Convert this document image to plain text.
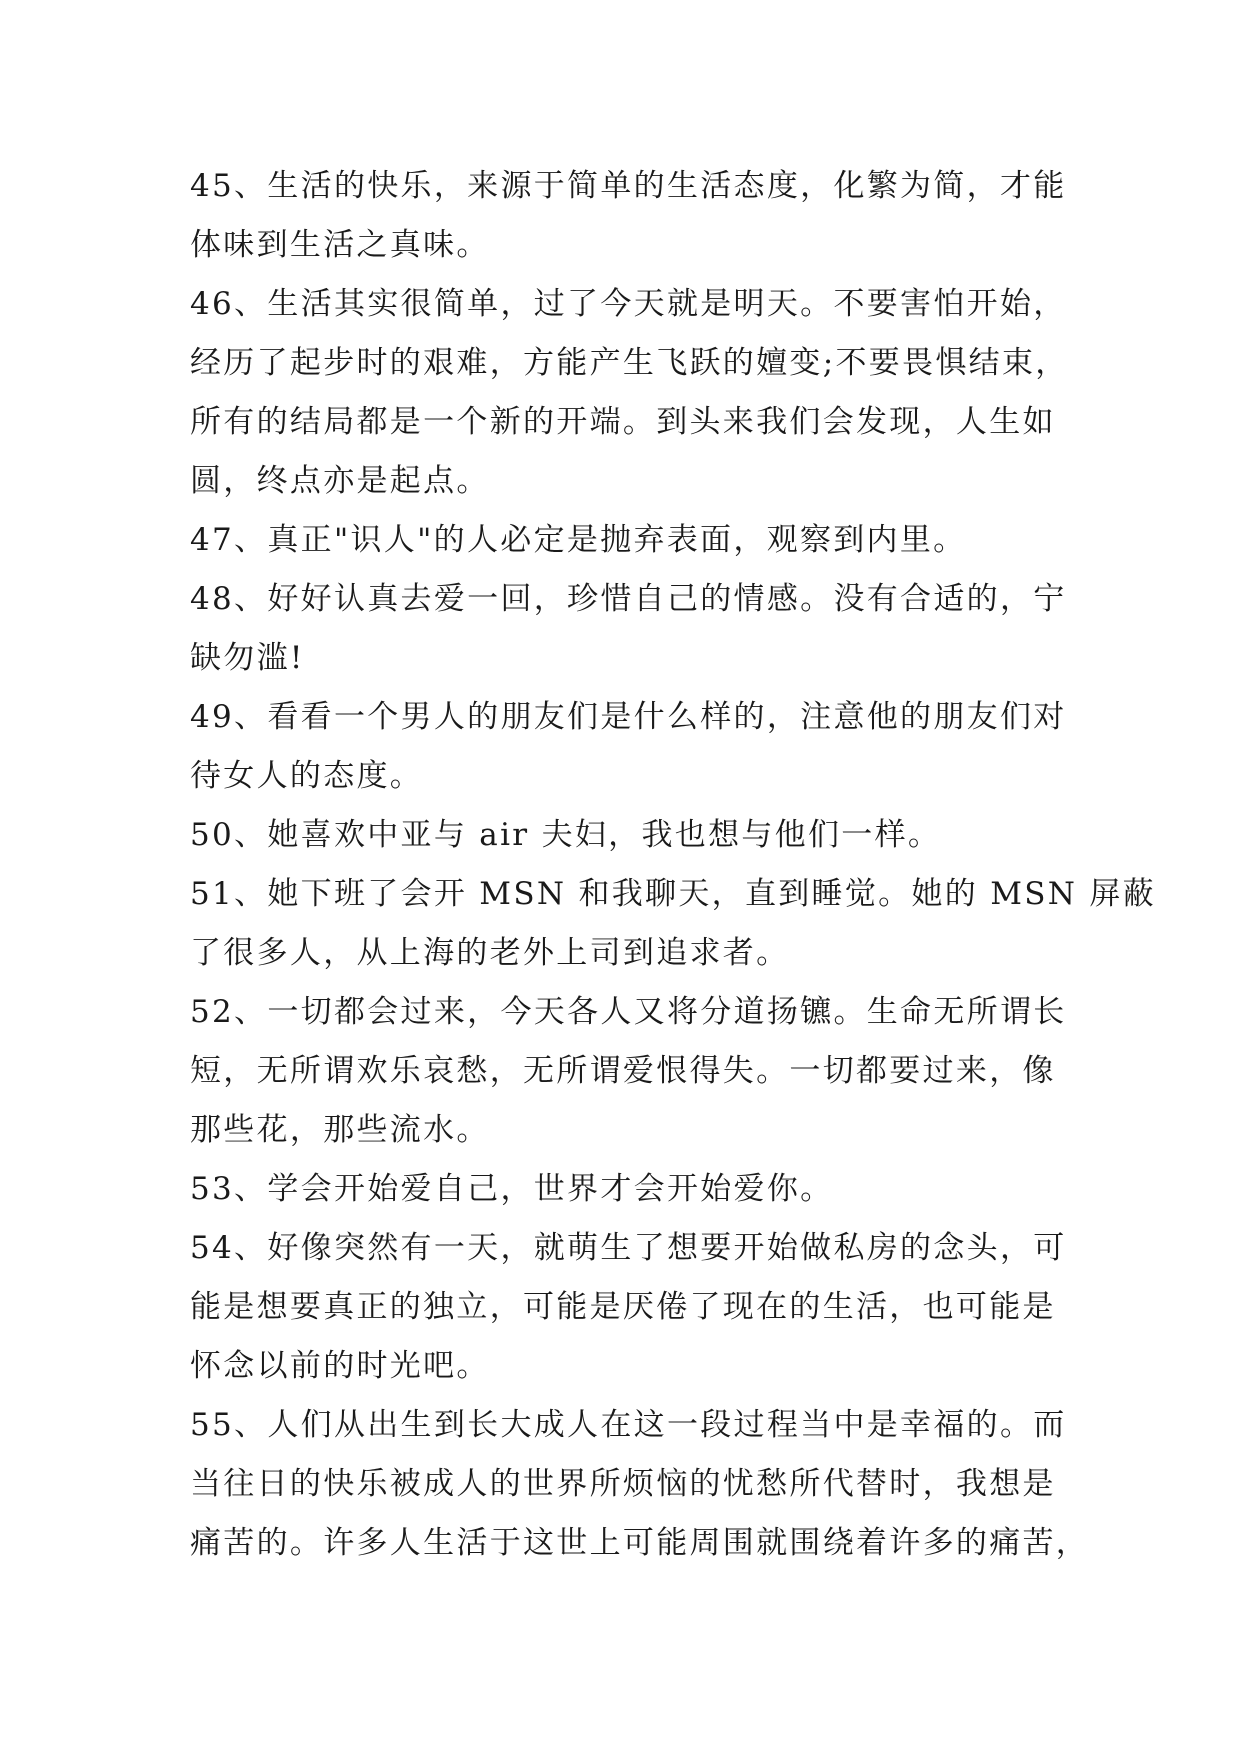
45、生活的快乐，来源于简单的生活态度，化繁为简，才能
体味到生活之真味。
46、生活其实很简单，过了今天就是明天。不要害怕开始，
经历了起步时的艰难，方能产生飞跃的嬗变;不要畏惧结束，
所有的结局都是一个新的开端。到头来我们会发现，人生如
圆，终点亦是起点。
47、真正"识人"的人必定是抛弃表面，观察到内里。
48、好好认真去爱一回，珍惜自己的情感。没有合适的，宁
缺勿滥!
49、看看一个男人的朋友们是什么样的，注意他的朋友们对
待女人的态度。
50、她喜欢中亚与 air 夫妇，我也想与他们一样。
51、她下班了会开 MSN 和我聊天，直到睡觉。她的 MSN 屏蔽
了很多人，从上海的老外上司到追求者。
52、一切都会过来，今天各人又将分道扬镳。生命无所谓长
短，无所谓欢乐哀愁，无所谓爱恨得失。一切都要过来，像
那些花，那些流水。
53、学会开始爱自己，世界才会开始爱你。
54、好像突然有一天，就萌生了想要开始做私房的念头，可
能是想要真正的独立，可能是厌倦了现在的生活，也可能是
怀念以前的时光吧。
55、人们从出生到长大成人在这一段过程当中是幸福的。而
当往日的快乐被成人的世界所烦恼的忧愁所代替时，我想是
痛苦的。许多人生活于这世上可能周围就围绕着许多的痛苦，
